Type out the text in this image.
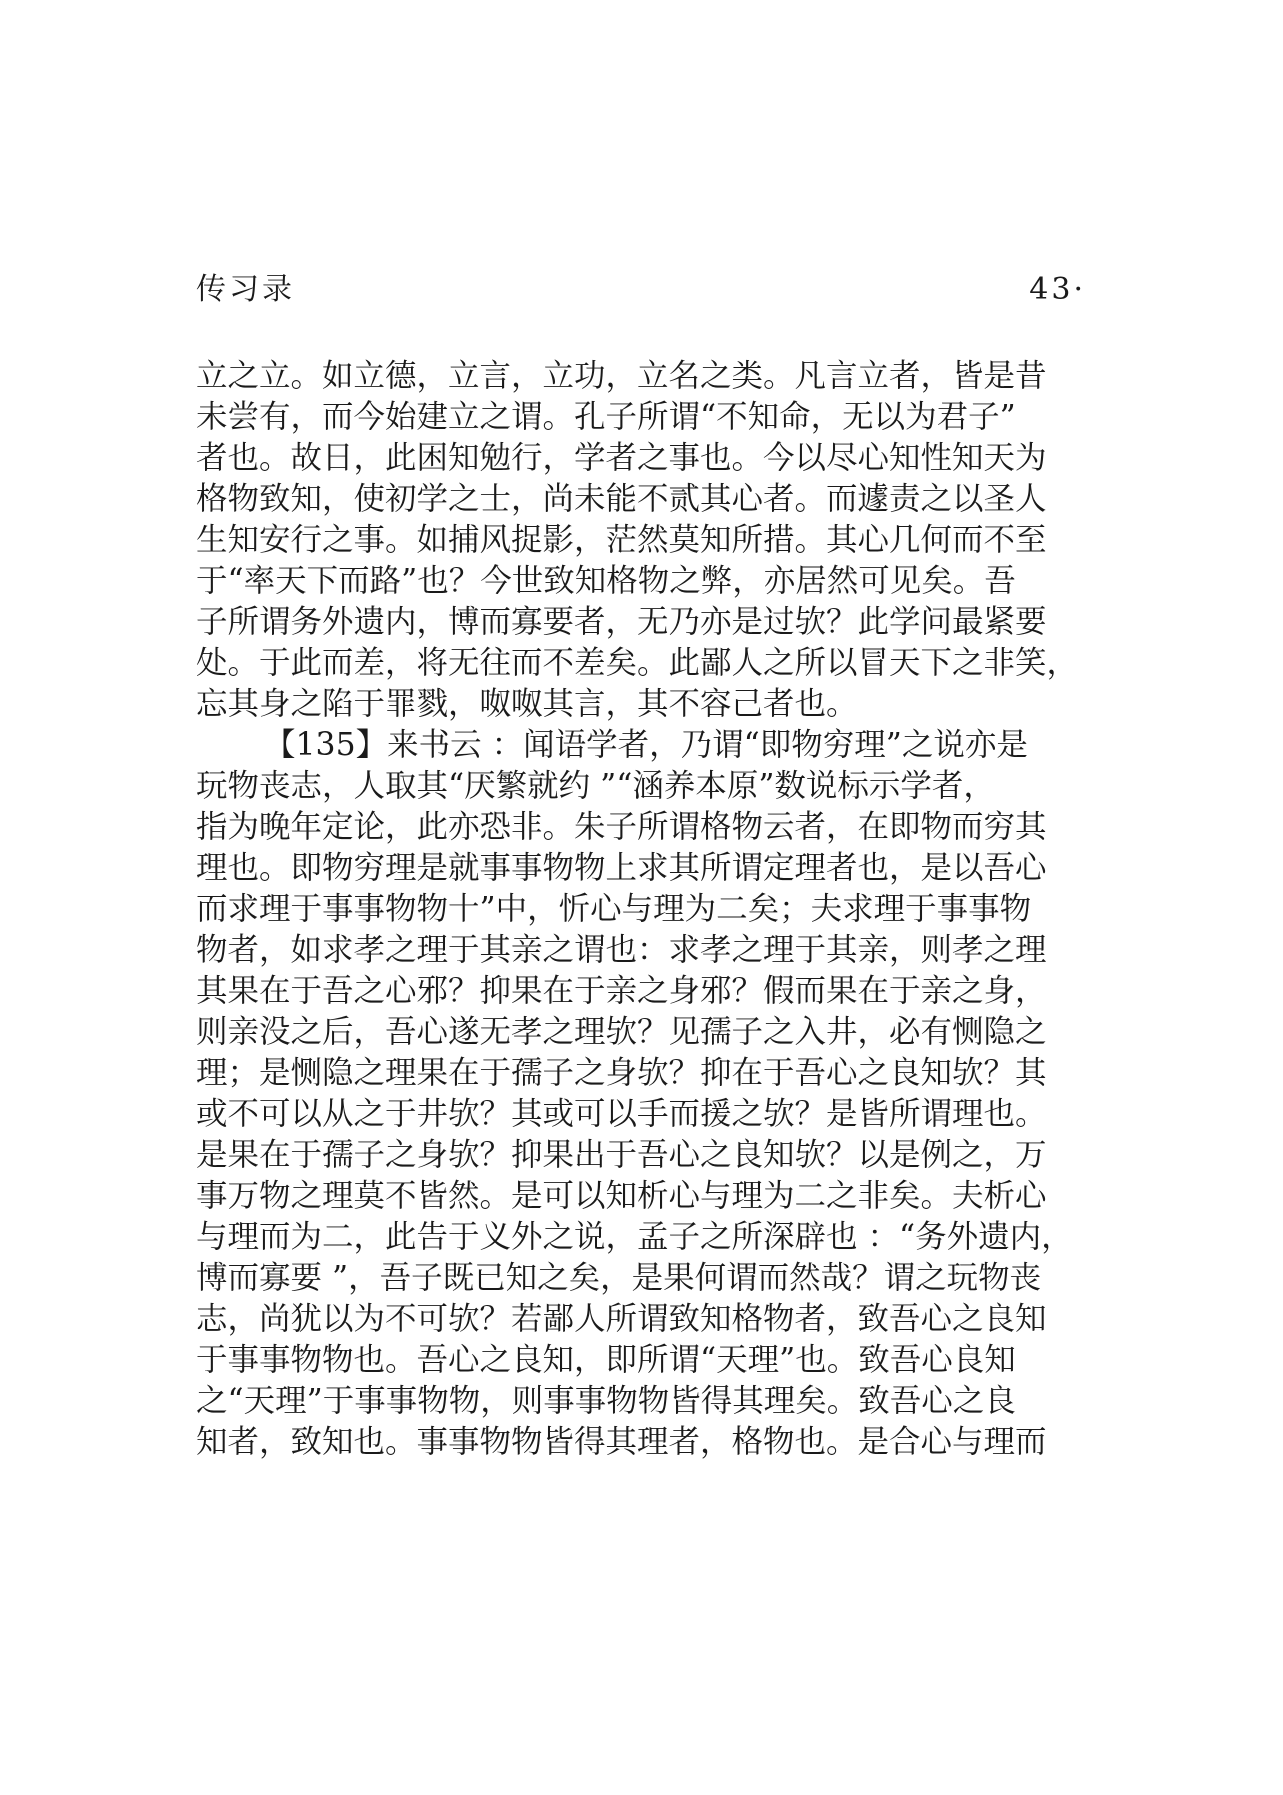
传习录	43·
立之立。如立德，立言，立功，立名之类。凡言立者，皆是昔
未尝有，而今始建立之谓。孔子所谓“不知命，无以为君子”
者也。故日，此困知勉行，学者之事也。今以尽心知性知天为
格物致知，使初学之士，尚未能不贰其心者。而遽责之以圣人
生知安行之事。如捕风捉影，茫然莫知所措。其心几何而不至
于“率天下而路”也？今世致知格物之弊，亦居然可见矣。吾
子所谓务外遗内，博而寡要者，无乃亦是过欤？此学问最紧要
处。于此而差，将无往而不差矣。此鄙人之所以冒天下之非笑，
忘其身之陷于罪戮，呶呶其言，其不容己者也。
【135】来书云 ：闻语学者，乃谓“即物穷理”之说亦是
玩物丧志，人取其“厌繁就约 ”“涵养本原”数说标示学者，
指为晚年定论，此亦恐非。朱子所谓格物云者，在即物而穷其
理也。即物穷理是就事事物物上求其所谓定理者也，是以吾心
而求理于事事物物十”中，忻心与理为二矣；夫求理于事事物
物者，如求孝之理于其亲之谓也：求孝之理于其亲，则孝之理
其果在于吾之心邪？抑果在于亲之身邪？假而果在于亲之身，
则亲没之后，吾心遂无孝之理欤？见孺子之入井，必有恻隐之
理；是恻隐之理果在于孺子之身欤？抑在于吾心之良知欤？其
或不可以从之于井欤？其或可以手而援之欤？是皆所谓理也。
是果在于孺子之身欤？抑果出于吾心之良知欤？以是例之，万
事万物之理莫不皆然。是可以知析心与理为二之非矣。夫析心
与理而为二，此告于义外之说，孟子之所深辟也 ：“务外遗内，
博而寡要 ”，吾子既已知之矣，是果何谓而然哉？谓之玩物丧
志，尚犹以为不可欤？若鄙人所谓致知格物者，致吾心之良知
于事事物物也。吾心之良知，即所谓“天理”也。致吾心良知
之“天理”于事事物物，则事事物物皆得其理矣。致吾心之良
知者，致知也。事事物物皆得其理者，格物也。是合心与理而
